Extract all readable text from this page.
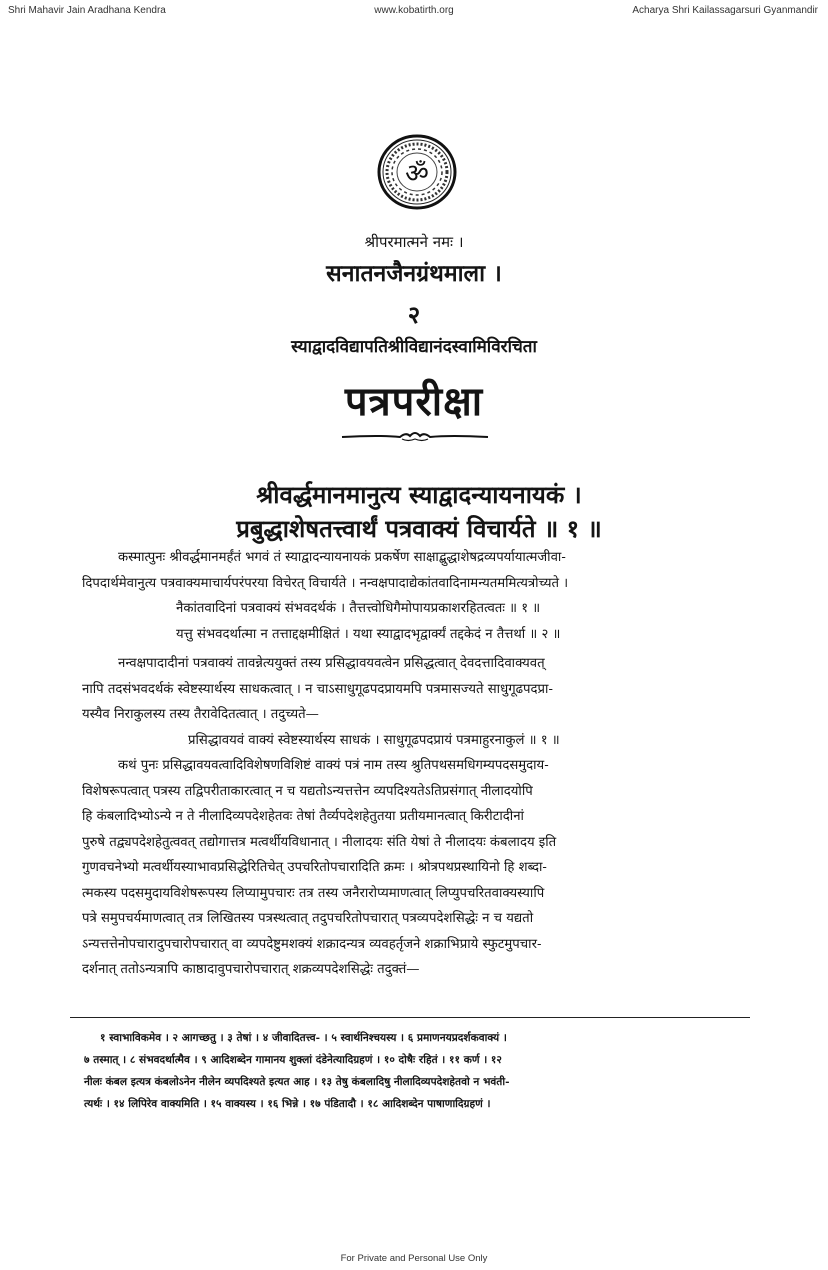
Shri Mahavir Jain Aradhana Kendra	www.kobatirth.org	Acharya Shri Kailassagarsuri Gyanmandir
ॐ
श्रीपरमात्मने नमः ।
सनातनजैनग्रंथमाला ।
२
स्याद्वादविद्यापतिश्रीविद्यानंदस्वामिविरचिता
पत्रपरीक्षा
श्रीवर्द्धमानमानुत्य स्याद्वादन्यायनायकं ।
प्रबुद्धाशेषतत्त्वार्थं पत्रवाक्यं विचार्यते ॥ १ ॥
कस्मात्पुनः श्रीवर्द्धमानमर्हंतं भगवं तं स्याद्वादन्यायनायकं प्रकर्षेण साक्षाद्बुद्धाशेषद्रव्यपर्यायात्मजीवा-
दिपदार्थमेवानुत्य पत्रवाक्यमाचार्यपरंपरया विचेरत् विचार्यते । नन्वक्षपादाद्येकांतवादिनामन्यतममित्यत्रोच्यते ।
नैकांतवादिनां पत्रवाक्यं संभवदर्थकं । तैत्तत्त्वोधिगैमोपायप्रकाशरहितत्वतः ॥ १ ॥
यत्तु संभवदर्थात्मा न तत्ताद्दक्षमीक्षितं । यथा स्याद्वादभृद्वार्क्यं तद्दकेदं न तैत्तर्था ॥ २ ॥
नन्वक्षपादादीनां पत्रवाक्यं तावन्नेत्ययुक्तं तस्य प्रसिद्धावयवत्वेन प्रसिद्धत्वात् देवदत्तादिवाक्यवत्
नापि तदसंभवदर्थकं स्वेष्टस्यार्थस्य साधकत्वात् । न चाऽसाधुगूढपदप्रायमपि पत्रमासज्यते साधुगूढपदप्रा-
यस्यैव निराकुलस्य तस्य तैरावेदितत्वात् । तदुच्यते—
प्रसिद्धावयवं वाक्यं स्वेष्टस्यार्थस्य साधकं । साधुगूढपदप्रायं पत्रमाहुरनाकुलं ॥ १ ॥
कथं पुनः प्रसिद्धावयवत्वादिविशेषणविशिष्टं वाक्यं पत्रं नाम तस्य श्रुतिपथसमधिगम्यपदसमुदाय-
विशेषरूपत्वात् पत्रस्य तद्विपरीताकारत्वात् न च यद्यतोऽन्यत्तत्तेन व्यपदिश्यतेऽतिप्रसंगात् नीलादयोपि
हि कंबलादिभ्योऽन्ये न ते नीलादिव्यपदेशहेतवः तेषां तैर्व्यपदेशहेतुतया प्रतीयमानत्वात् किरीटादीनां
पुरुषे तद्व्यपदेशहेतुत्ववत् तद्योगात्तत्र मत्वर्थीयविधानात् । नीलादयः संति येषां ते नीलादयः कंबलादय इति
गुणवचनेभ्यो मत्वर्थीयस्याभावप्रसिद्धेरितिचेत् उपचरितोपचारादिति क्रमः । श्रोत्रपथप्रस्थायिनो हि शब्दा-
त्मकस्य पदसमुदायविशेषरूपस्य लिप्यामुपचारः तत्र तस्य जनैरारोप्यमाणत्वात् लिप्युपचरितवाक्यस्यापि
पत्रे समुपचर्यमाणत्वात् तत्र लिखितस्य पत्रस्थत्वात् तदुपचरितोपचारात् पत्रव्यपदेशसिद्धेः न च यद्यतो
ऽन्यत्तत्तेनोपचारादुपचारोपचारात् वा व्यपदेष्टुमशक्यं शक्रादन्यत्र व्यवहर्तृजने शक्राभिप्राये स्फुटमुपचार-
दर्शनात् ततोऽन्यत्रापि काष्ठादावुपचारोपचारात् शक्रव्यपदेशसिद्धेः तदुक्तं—
१ स्वाभाविकमेव । २ आगच्छतु । ३ तेषां । ४ जीवादितत्त्व- । ५ स्वार्थनिश्चयस्य । ६ प्रमाणनयप्रदर्शकवाक्यं ।
७ तस्मात् । ८ संभवदर्थात्मैव । ९ आदिशब्देन गामानय शुक्लां दंडेनेत्यादिग्रहणं । १० दोषैः रहितं । ११ कर्ण । १२
नीलः कंबल इत्यत्र कंबलोऽनेन नीलेन व्यपदिश्यते इत्यत आह । १३ तेषु कंबलादिषु नीलादिव्यपदेशहेतवो न भवंती-
त्यर्थः । १४ लिपिरेव वाक्यमिति । १५ वाक्यस्य । १६ भिन्ने । १७ पंडितादौ । १८ आदिशब्देन पाषाणादिग्रहणं ।
For Private and Personal Use Only
